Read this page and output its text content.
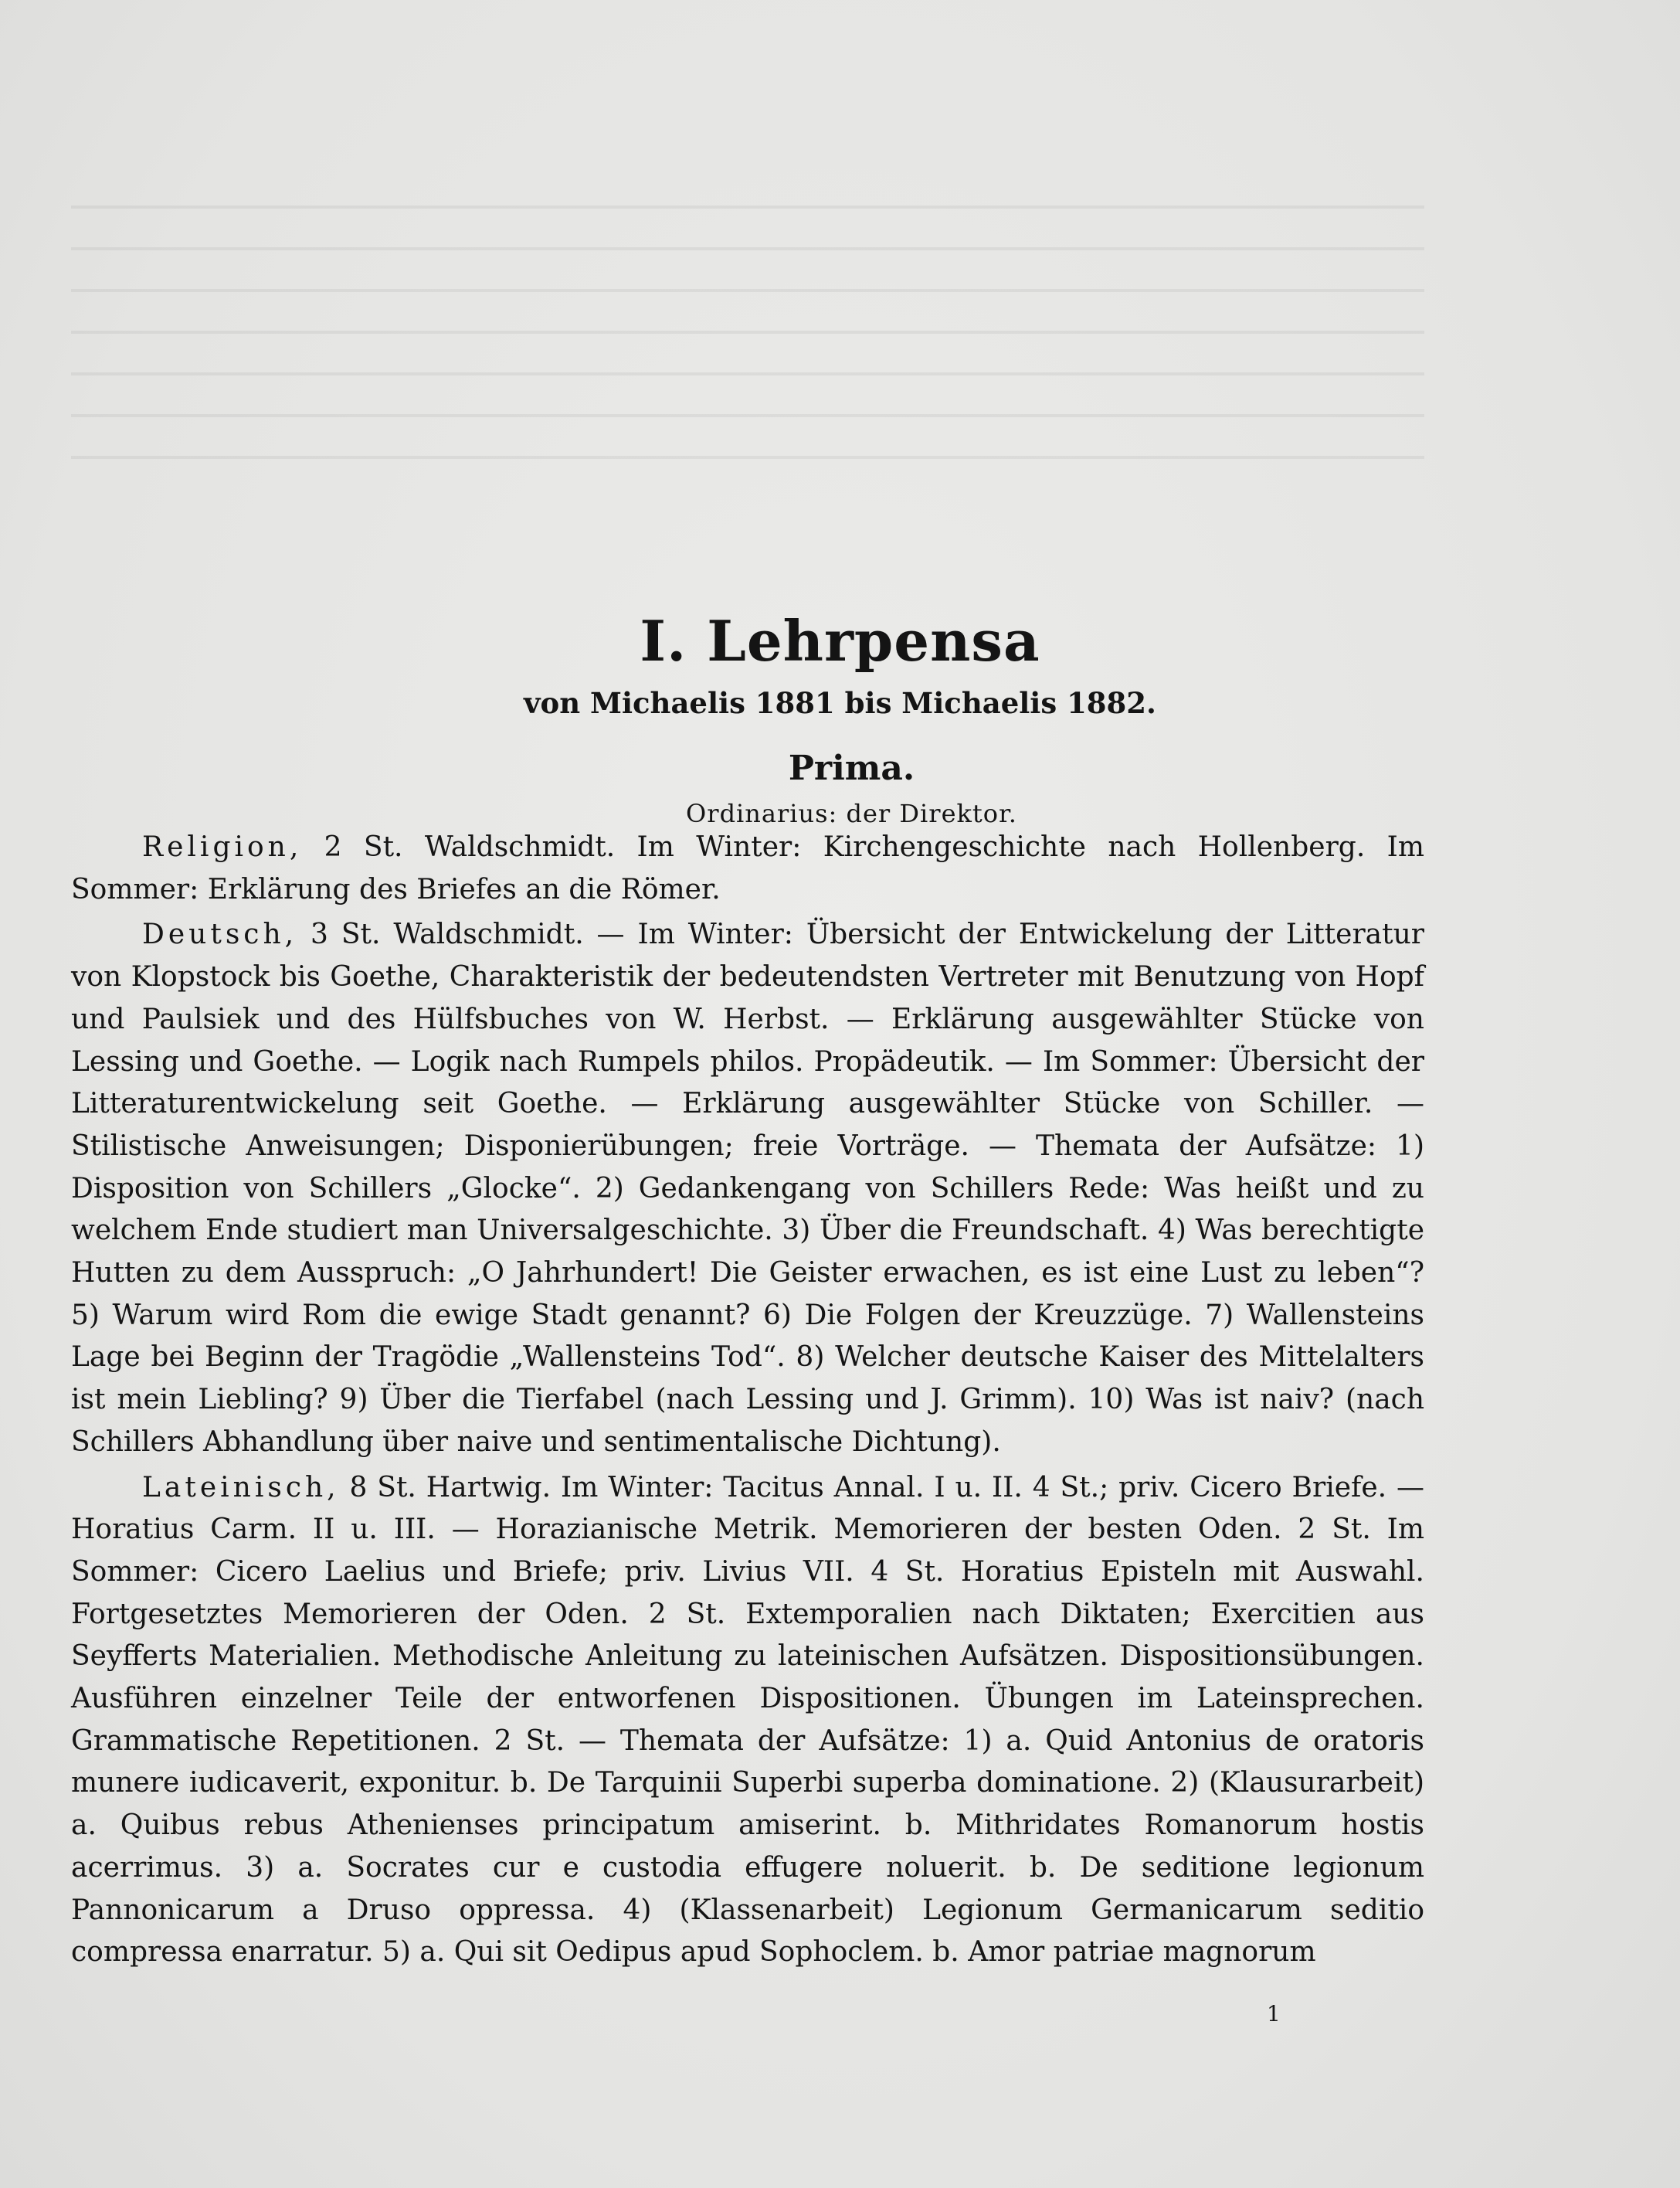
I. Lehrpensa
von Michaelis 1881 bis Michaelis 1882.
Prima.
Ordinarius: der Direktor.

Religion, 2 St. Waldschmidt. Im Winter: Kirchengeschichte nach Hollenberg. Im Sommer: Erklärung des Briefes an die Römer.

Deutsch, 3 St. Waldschmidt. — Im Winter: Übersicht der Entwickelung der Litteratur von Klopstock bis Goethe, Charakteristik der bedeutendsten Vertreter mit Benutzung von Hopf und Paulsiek und des Hülfsbuches von W. Herbst. — Erklärung ausgewählter Stücke von Lessing und Goethe. — Logik nach Rumpels philos. Propädeutik. — Im Sommer: Übersicht der Litteraturentwickelung seit Goethe. — Erklärung ausgewählter Stücke von Schiller. — Stilistische Anweisungen; Disponierübungen; freie Vorträge. — Themata der Aufsätze: 1) Disposition von Schillers „Glocke“. 2) Gedankengang von Schillers Rede: Was heißt und zu welchem Ende studiert man Universalgeschichte. 3) Über die Freundschaft. 4) Was berechtigte Hutten zu dem Ausspruch: „O Jahrhundert! Die Geister erwachen, es ist eine Lust zu leben“? 5) Warum wird Rom die ewige Stadt genannt? 6) Die Folgen der Kreuzzüge. 7) Wallensteins Lage bei Beginn der Tragödie „Wallensteins Tod“. 8) Welcher deutsche Kaiser des Mittelalters ist mein Liebling? 9) Über die Tierfabel (nach Lessing und J. Grimm). 10) Was ist naiv? (nach Schillers Abhandlung über naive und sentimentalische Dichtung).

Lateinisch, 8 St. Hartwig. Im Winter: Tacitus Annal. I u. II. 4 St.; priv. Cicero Briefe. — Horatius Carm. II u. III. — Horazianische Metrik. Memorieren der besten Oden. 2 St. Im Sommer: Cicero Laelius und Briefe; priv. Livius VII. 4 St. Horatius Episteln mit Auswahl. Fortgesetztes Memorieren der Oden. 2 St. Extemporalien nach Diktaten; Exercitien aus Seyfferts Materialien. Methodische Anleitung zu lateinischen Aufsätzen. Dispositionsübungen. Ausführen einzelner Teile der entworfenen Dispositionen. Übungen im Lateinsprechen. Grammatische Repetitionen. 2 St. — Themata der Aufsätze: 1) a. Quid Antonius de oratoris munere iudicaverit, exponitur. b. De Tarquinii Superbi superba dominatione. 2) (Klausurarbeit) a. Quibus rebus Athenienses principatum amiserint. b. Mithridates Romanorum hostis acerrimus. 3) a. Socrates cur e custodia effugere noluerit. b. De seditione legionum Pannonicarum a Druso oppressa. 4) (Klassenarbeit) Legionum Germanicarum seditio compressa enarratur. 5) a. Qui sit Oedipus apud Sophoclem. b. Amor patriae magnorum

1
